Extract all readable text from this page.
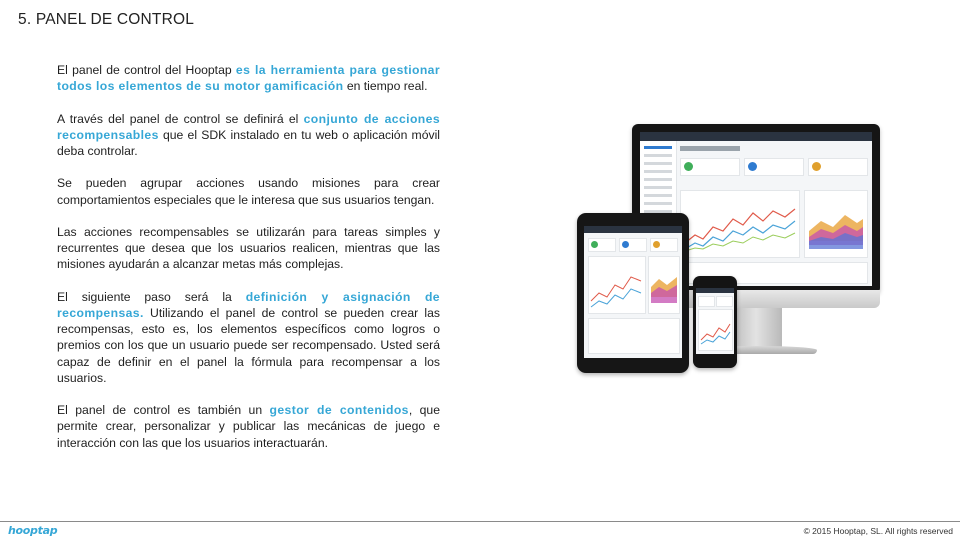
5. PANEL DE CONTROL

El panel de control del Hooptap es la herramienta para gestionar todos los elementos de su motor gamificación en tiempo real.

A través del panel de control se definirá el conjunto de acciones recompensables que el SDK instalado en tu web o aplicación móvil deba controlar.

Se pueden agrupar acciones usando misiones para crear comportamientos especiales que le interesa que sus usuarios tengan.

Las acciones recompensables se utilizarán para tareas simples y recurrentes que desea que los usuarios realicen, mientras que las misiones ayudarán a alcanzar metas más complejas.

El siguiente paso será la definición y asignación de recompensas. Utilizando el panel de control se pueden crear las recompensas, esto es, los elementos específicos como logros o premios con los que un usuario puede ser recompensado. Usted será capaz de definir en el panel la fórmula para recompensar a los usuarios.

El panel de control es también un gestor de contenidos, que permite crear, personalizar y publicar las mecánicas de juego e interacción con las que los usuarios interactuarán.

hooptap	© 2015 Hooptap, SL. All rights reserved
